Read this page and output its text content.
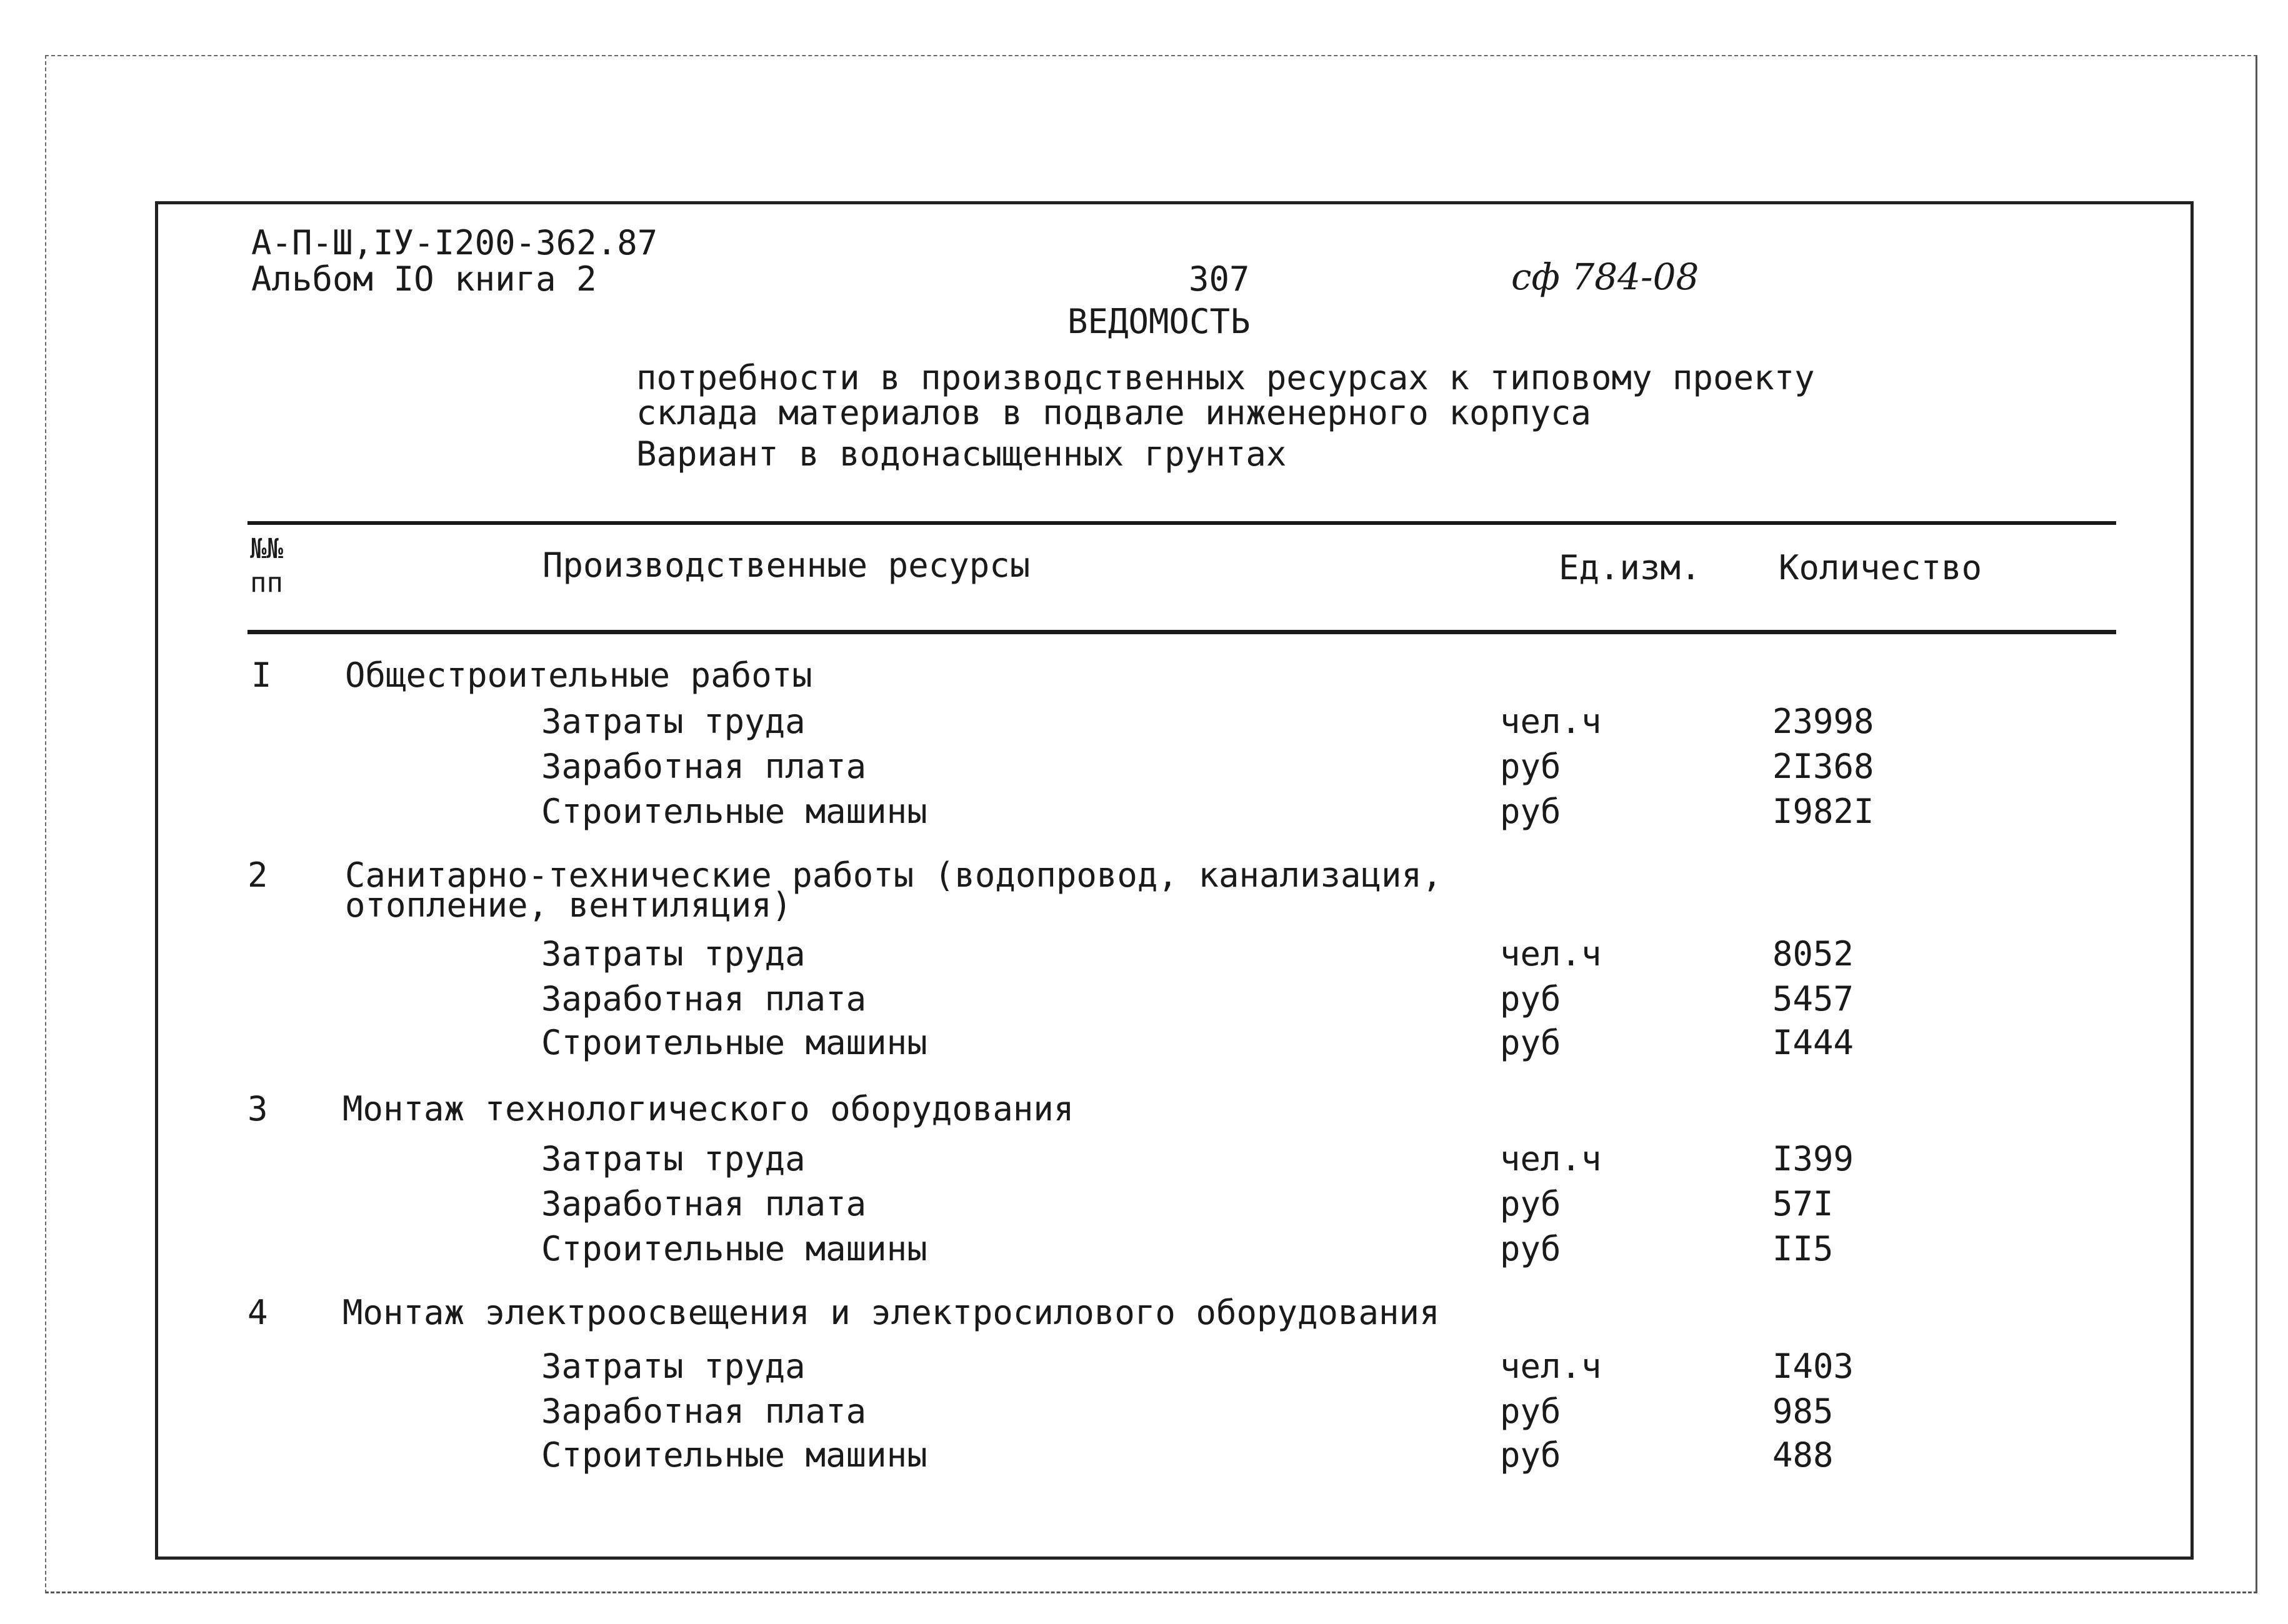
А-П-Ш,IУ-I200-362.87
Альбом IO книга 2	307	сф 784-08
ВЕДОМОСТЬ
потребности в производственных ресурсах к типовому проекту
склада материалов в подвале инженерного корпуса
Вариант в водонасыщенных грунтах
№№
пп	Производственные ресурсы	Ед.изм. Количество
I Общестроительные работы
Затраты труда	чел.ч	23998
Заработная плата	руб	2I368
Строительные машины	руб	I982I
2 Санитарно-технические работы (водопровод, канализация,
отопление, вентиляция)
Затраты труда	чел.ч	8052
Заработная плата	руб	5457
Строительные машины	руб	I444
3 Монтаж технологического оборудования
Затраты труда	чел.ч	I399
Заработная плата	руб	57I
Строительные машины	руб	II5
4 Монтаж электроосвещения и электросилового оборудования
Затраты труда	чел.ч	I403
Заработная плата	руб	985
Строительные машины	руб	488
